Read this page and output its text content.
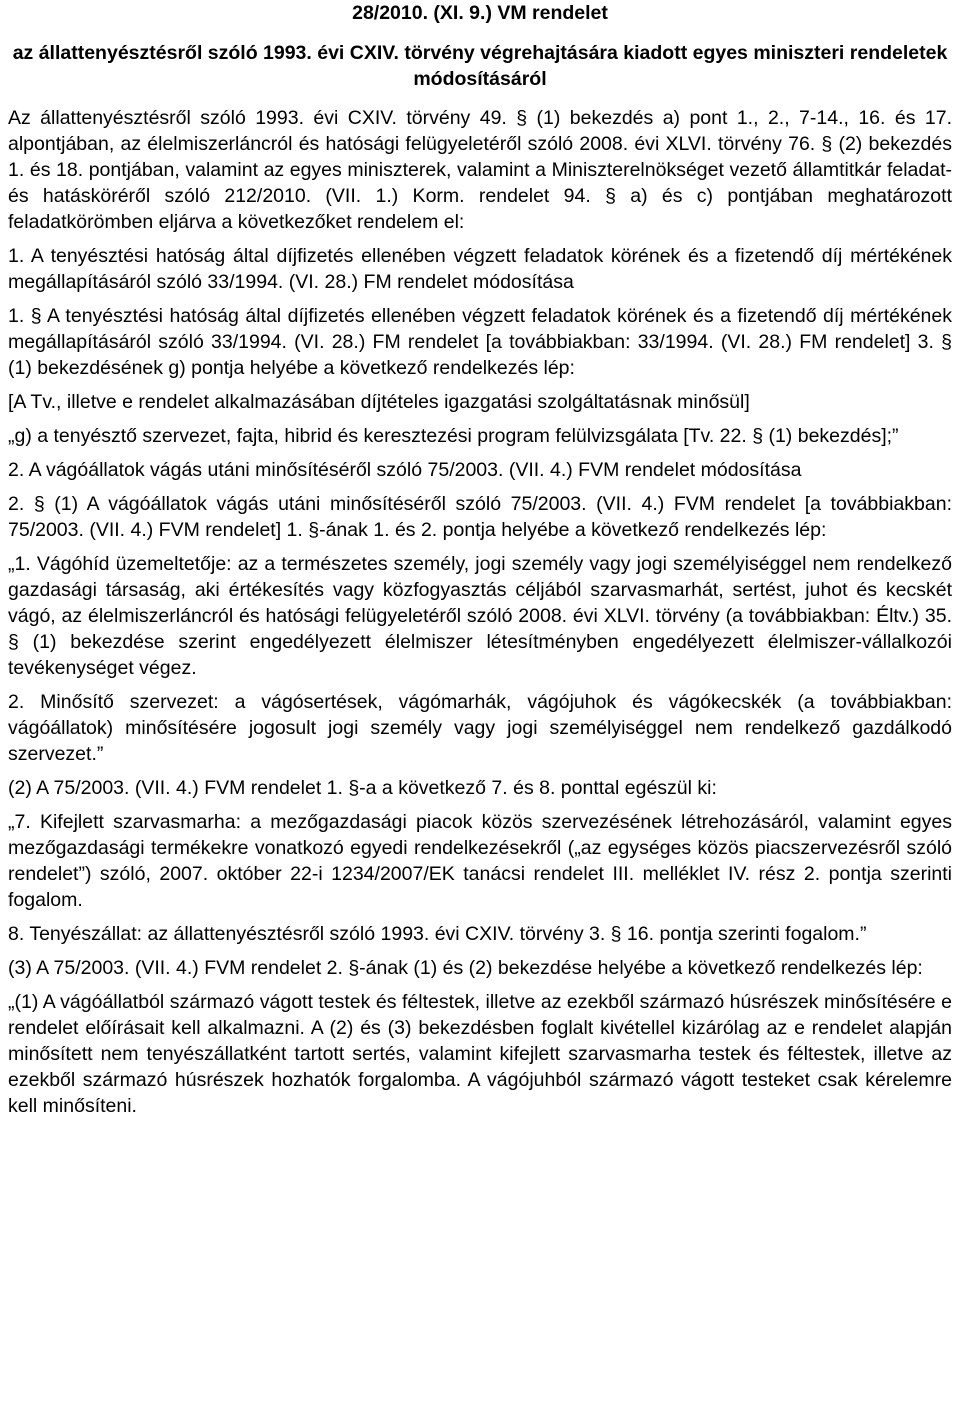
28/2010. (XI. 9.) VM rendelet
az állattenyésztésről szóló 1993. évi CXIV. törvény végrehajtására kiadott egyes miniszteri rendeletek módosításáról

Az állattenyésztésről szóló 1993. évi CXIV. törvény 49. § (1) bekezdés a) pont 1., 2., 7-14., 16. és 17. alpontjában, az élelmiszerláncról és hatósági felügyeletéről szóló 2008. évi XLVI. törvény 76. § (2) bekezdés 1. és 18. pontjában, valamint az egyes miniszterek, valamint a Miniszterelnökséget vezető államtitkár feladat- és hatásköréről szóló 212/2010. (VII. 1.) Korm. rendelet 94. § a) és c) pontjában meghatározott feladatkörömben eljárva a következőket rendelem el:

1. A tenyésztési hatóság által díjfizetés ellenében végzett feladatok körének és a fizetendő díj mértékének megállapításáról szóló 33/1994. (VI. 28.) FM rendelet módosítása

1. § A tenyésztési hatóság által díjfizetés ellenében végzett feladatok körének és a fizetendő díj mértékének megállapításáról szóló 33/1994. (VI. 28.) FM rendelet [a továbbiakban: 33/1994. (VI. 28.) FM rendelet] 3. § (1) bekezdésének g) pontja helyébe a következő rendelkezés lép:

[A Tv., illetve e rendelet alkalmazásában díjtételes igazgatási szolgáltatásnak minősül]

„g) a tenyésztő szervezet, fajta, hibrid és keresztezési program felülvizsgálata [Tv. 22. § (1) bekezdés];”

2. A vágóállatok vágás utáni minősítéséről szóló 75/2003. (VII. 4.) FVM rendelet módosítása

2. § (1) A vágóállatok vágás utáni minősítéséről szóló 75/2003. (VII. 4.) FVM rendelet [a továbbiakban: 75/2003. (VII. 4.) FVM rendelet] 1. §-ának 1. és 2. pontja helyébe a következő rendelkezés lép:

„1. Vágóhíd üzemeltetője: az a természetes személy, jogi személy vagy jogi személyiséggel nem rendelkező gazdasági társaság, aki értékesítés vagy közfogyasztás céljából szarvasmarhát, sertést, juhot és kecskét vágó, az élelmiszerláncról és hatósági felügyeletéről szóló 2008. évi XLVI. törvény (a továbbiakban: Éltv.) 35. § (1) bekezdése szerint engedélyezett élelmiszer létesítményben engedélyezett élelmiszer-vállalkozói tevékenységet végez.

2. Minősítő szervezet: a vágósertések, vágómarhák, vágójuhok és vágókecskék (a továbbiakban: vágóállatok) minősítésére jogosult jogi személy vagy jogi személyiséggel nem rendelkező gazdálkodó szervezet.”

(2) A 75/2003. (VII. 4.) FVM rendelet 1. §-a a következő 7. és 8. ponttal egészül ki:

„7. Kifejlett szarvasmarha: a mezőgazdasági piacok közös szervezésének létrehozásáról, valamint egyes mezőgazdasági termékekre vonatkozó egyedi rendelkezésekről („az egységes közös piacszervezésről szóló rendelet”) szóló, 2007. október 22-i 1234/2007/EK tanácsi rendelet III. melléklet IV. rész 2. pontja szerinti fogalom.

8. Tenyészállat: az állattenyésztésről szóló 1993. évi CXIV. törvény 3. § 16. pontja szerinti fogalom.”

(3) A 75/2003. (VII. 4.) FVM rendelet 2. §-ának (1) és (2) bekezdése helyébe a következő rendelkezés lép:

„(1) A vágóállatból származó vágott testek és féltestek, illetve az ezekből származó húsrészek minősítésére e rendelet előírásait kell alkalmazni. A (2) és (3) bekezdésben foglalt kivétellel kizárólag az e rendelet alapján minősített nem tenyészállatként tartott sertés, valamint kifejlett szarvasmarha testek és féltestek, illetve az ezekből származó húsrészek hozhatók forgalomba. A vágójuhból származó vágott testeket csak kérelemre kell minősíteni.
